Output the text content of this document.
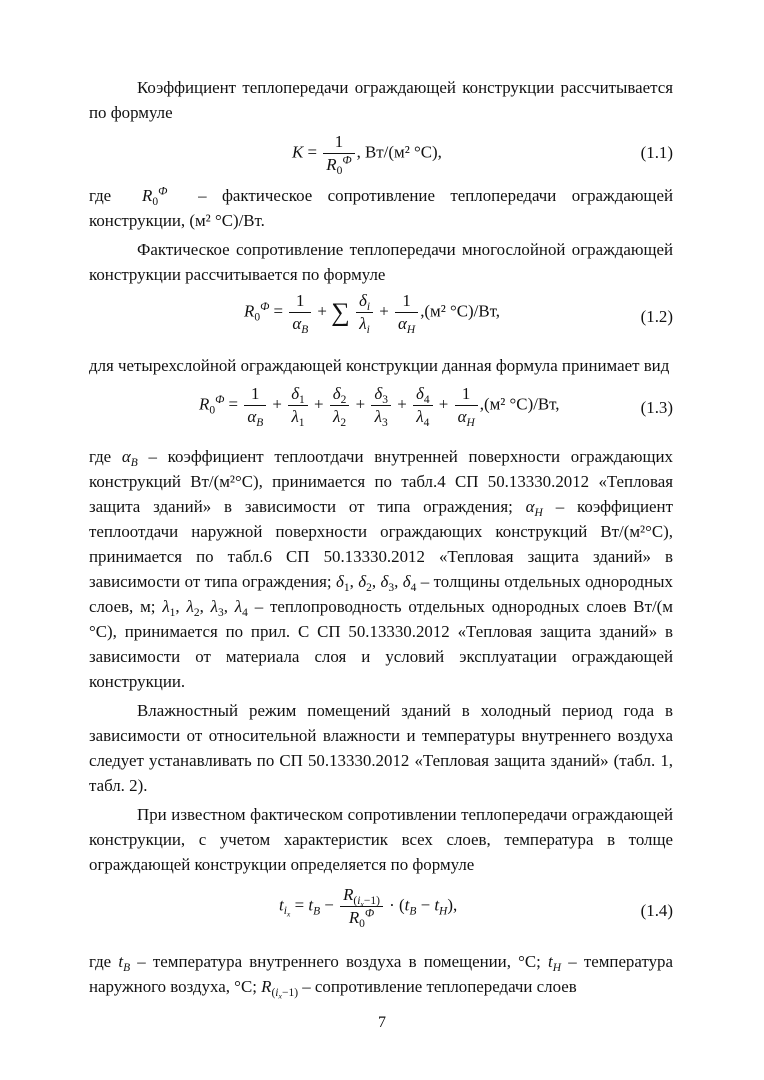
Коэффициент теплопередачи ограждающей конструкции рассчитывается по формуле

K =
1
$R_0^Ф$ , Вт/(м² °С),	(1.1)

где $R_0^Ф$ – фактическое сопротивление теплопередачи ограждающей конструкции, (м² °С)/Вт.

Фактическое сопротивление теплопередачи многослойной ограждающей конструкции рассчитывается по формуле

$R_0^Ф$ =
1
$\alpha_В$
+ ∑ $\frac{\delta_i}{\lambda_i}$ +
1
$\alpha_Н$
,(м² °С)/Вт,	(1.2)

для четырехслойной ограждающей конструкции данная формула принимает вид

$R_0^Ф$ =
1
$\alpha_В$
+ $\frac{\delta_1}{\lambda_1} + \frac{\delta_2}{\lambda_2} + \frac{\delta_3}{\lambda_3} + \frac{\delta_4}{\lambda_4}$ +
1
$\alpha_Н$
,(м² °С)/Вт,	(1.3)

где $\alpha_В$ – коэффициент теплоотдачи внутренней поверхности ограждающих конструкций Вт/(м²°С), принимается по табл.4 СП 50.13330.2012 «Тепловая защита зданий» в зависимости от типа ограждения; $\alpha_Н$ – коэффициент теплоотдачи наружной поверхности ограждающих конструкций Вт/(м²°С), принимается по табл.6 СП 50.13330.2012 «Тепловая защита зданий» в зависимости от типа ограждения; $\delta_1$, $\delta_2$, $\delta_3$, $\delta_4$ – толщины отдельных однородных слоев, м; $\lambda_1$, $\lambda_2$, $\lambda_3$, $\lambda_4$ – теплопроводность отдельных однородных слоев Вт/(м °С), принимается по прил. С СП 50.13330.2012 «Тепловая защита зданий» в зависимости от материала слоя и условий эксплуатации ограждающей конструкции.

Влажностный режим помещений зданий в холодный период года в зависимости от относительной влажности и температуры внутреннего воздуха следует устанавливать по СП 50.13330.2012 «Тепловая защита зданий» (табл. 1, табл. 2).

При известном фактическом сопротивлении теплопередачи ограждающей конструкции, с учетом характеристик всех слоев, температура в толще ограждающей конструкции определяется по формуле

$t_{i_x} = t_В$ −
$R_{(i_x-1)}$
$R_0^Ф \cdot (t_В - t_Н)$,	(1.4)

где $t_В$ – температура внутреннего воздуха в помещении, °С; $t_Н$ – температура наружного воздуха, °С; $R_{(i_x-1)}$ – сопротивление теплопередачи слоев

7
